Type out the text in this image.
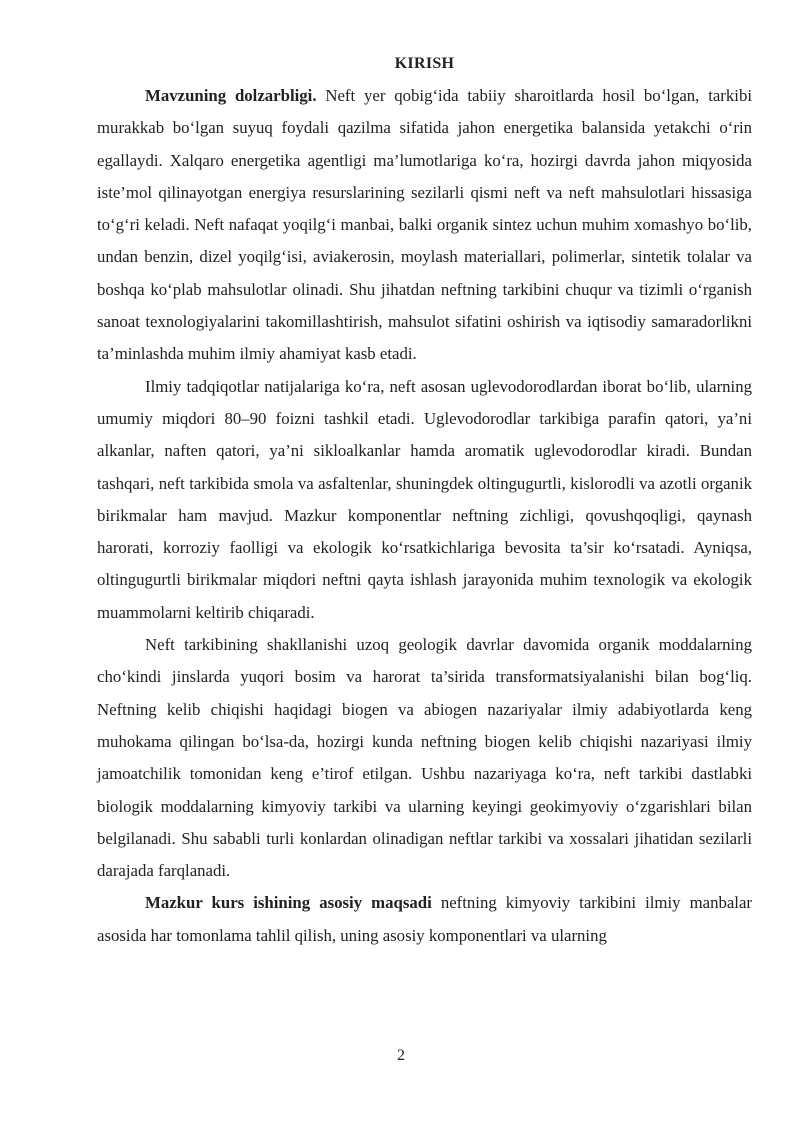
KIRISH

Mavzuning dolzarbligi. Neft yer qobig‘ida tabiiy sharoitlarda hosil bo‘lgan, tarkibi murakkab bo‘lgan suyuq foydali qazilma sifatida jahon energetika balansida yetakchi o‘rin egallaydi. Xalqaro energetika agentligi ma’lumotlariga ko‘ra, hozirgi davrda jahon miqyosida iste’mol qilinayotgan energiya resurslarining sezilarli qismi neft va neft mahsulotlari hissasiga to‘g‘ri keladi. Neft nafaqat yoqilg‘i manbai, balki organik sintez uchun muhim xomashyo bo‘lib, undan benzin, dizel yoqilg‘isi, aviakerosin, moylash materiallari, polimerlar, sintetik tolalar va boshqa ko‘plab mahsulotlar olinadi. Shu jihatdan neftning tarkibini chuqur va tizimli o‘rganish sanoat texnologiyalarini takomillashtirish, mahsulot sifatini oshirish va iqtisodiy samaradorlikni ta’minlashda muhim ilmiy ahamiyat kasb etadi.

Ilmiy tadqiqotlar natijalariga ko‘ra, neft asosan uglevodorodlardan iborat bo‘lib, ularning umumiy miqdori 80–90 foizni tashkil etadi. Uglevodorodlar tarkibiga parafin qatori, ya’ni alkanlar, naften qatori, ya’ni sikloalkanlar hamda aromatik uglevodorodlar kiradi. Bundan tashqari, neft tarkibida smola va asfaltenlar, shuningdek oltingugurtli, kislorodli va azotli organik birikmalar ham mavjud. Mazkur komponentlar neftning zichligi, qovushqoqligi, qaynash harorati, korroziy faolligi va ekologik ko‘rsatkichlariga bevosita ta’sir ko‘rsatadi. Ayniqsa, oltingugurtli birikmalar miqdori neftni qayta ishlash jarayonida muhim texnologik va ekologik muammolarni keltirib chiqaradi.

Neft tarkibining shakllanishi uzoq geologik davrlar davomida organik moddalarning cho‘kindi jinslarda yuqori bosim va harorat ta’sirida transformatsiyalanishi bilan bog‘liq. Neftning kelib chiqishi haqidagi biogen va abiogen nazariyalar ilmiy adabiyotlarda keng muhokama qilingan bo‘lsa-da, hozirgi kunda neftning biogen kelib chiqishi nazariyasi ilmiy jamoatchilik tomonidan keng e’tirof etilgan. Ushbu nazariyaga ko‘ra, neft tarkibi dastlabki biologik moddalarning kimyoviy tarkibi va ularning keyingi geokimyoviy o‘zgarishlari bilan belgilanadi. Shu sababli turli konlardan olinadigan neftlar tarkibi va xossalari jihatidan sezilarli darajada farqlanadi.

Mazkur kurs ishining asosiy maqsadi neftning kimyoviy tarkibini ilmiy manbalar asosida har tomonlama tahlil qilish, uning asosiy komponentlari va ularning

2
